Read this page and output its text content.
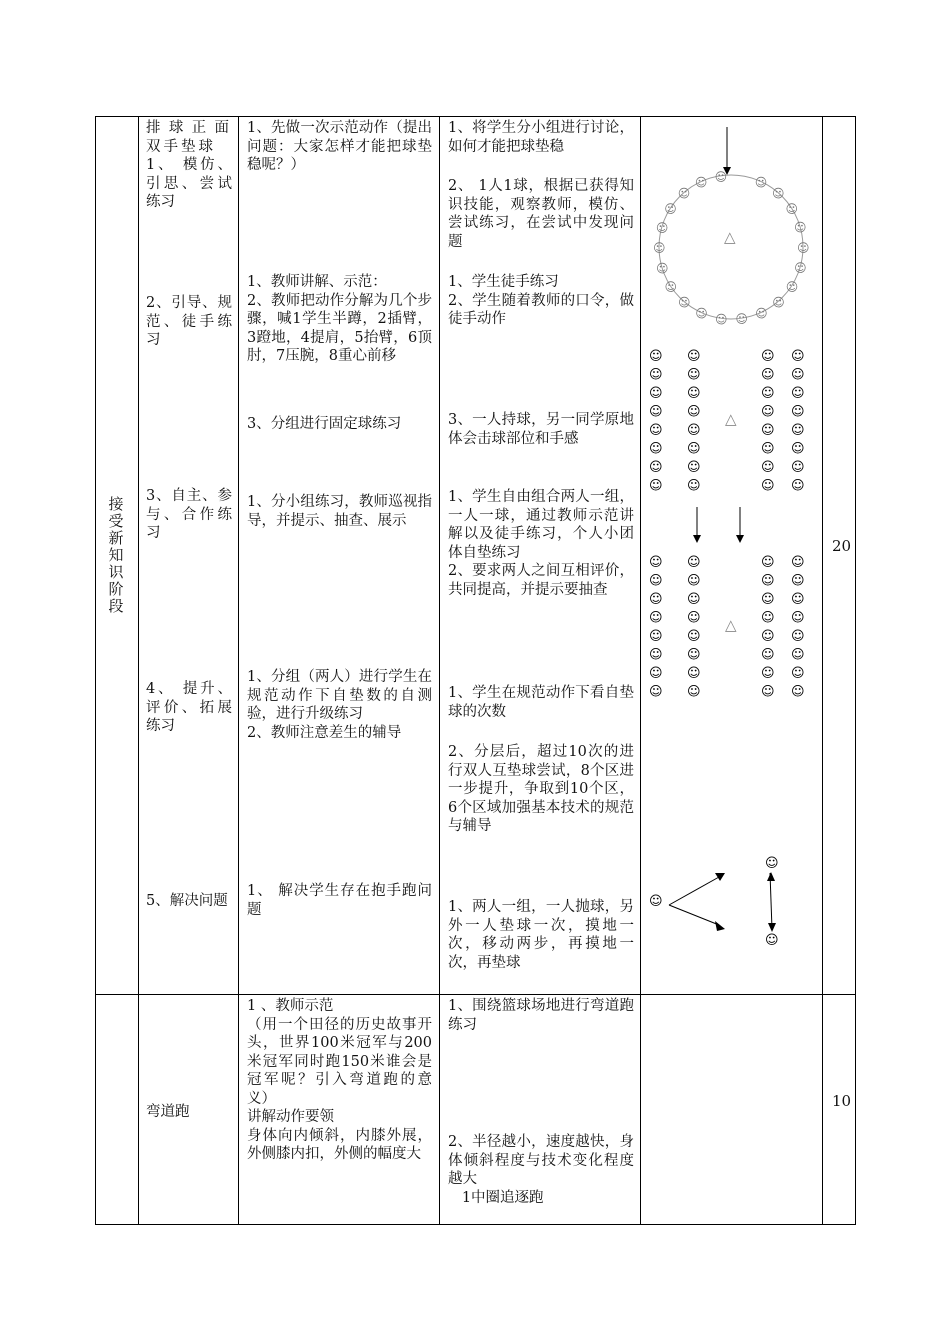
接受新知识阶段
20
排球正面双手垫球
1、 模仿、引思、尝试练习
2、引导、规范、徒手练习
3、自主、参与、合作练习
4、 提升、评价、拓展练习
5、解决问题
1、先做一次示范动作（提出问题：大家怎样才能把球垫稳呢？）
1、教师讲解、示范：
2、教师把动作分解为几个步骤，喊1学生半蹲，2插臂，3蹬地，4提肩，5抬臂，6顶肘，7压腕，8重心前移
3、分组进行固定球练习
1、分小组练习，教师巡视指导，并提示、抽查、展示
1、分组（两人）进行学生在规范动作下自垫数的自测验，进行升级练习
2、教师注意差生的辅导
1、 解决学生存在抱手跑问题
1、将学生分小组进行讨论，如何才能把球垫稳
2、 1人1球，根据已获得知识技能，观察教师，模仿、尝试练习，在尝试中发现问题
1、学生徒手练习
2、学生随着教师的口令，做徒手动作
3、一人持球，另一同学原地体会击球部位和手感
1、学生自由组合两人一组，一人一球，通过教师示范讲解以及徒手练习，个人小团体自垫练习
2、要求两人之间互相评价，共同提高，并提示要抽查
1、学生在规范动作下看自垫球的次数
2、分层后，超过10次的进行双人互垫球尝试，8个区进一步提升，争取到10个区，6个区域加强基本技术的规范与辅导
1、两人一组，一人抛球，另外一人垫球一次，摸地一次，移动两步，再摸地一次，再垫球
☺
☺
☺
☺
☺
☺
☺
☺
☺
☺
☺
☺
☺
☺
☺
☺
☺
☺
☺
☺ ☺
△
☺
☺
☺
☺
☺
☺
☺
☺
☺
☺
☺
☺
☺
☺
☺
☺
☺
☺
☺
☺
☺
☺
☺
☺
☺
☺
☺
☺
☺
☺
☺
☺
△
☺
☺
☺
☺
☺
☺
☺
☺
☺
☺
☺
☺
☺
☺
☺
☺
☺
☺
☺
☺
☺
☺
☺
☺
☺
☺
☺
☺
☺
☺
☺
☺
△
☺
☺
☺
弯道跑
1 、教师示范
（用一个田径的历史故事开头，世界100米冠军与200米冠军同时跑150米谁会是冠军呢？引入弯道跑的意义）
讲解动作要领
身体向内倾斜，内膝外展，外侧膝内扣，外侧的幅度大
1、围绕篮球场地进行弯道跑练习
2、半径越小，速度越快，身体倾斜程度与技术变化程度越大
1中圈追逐跑
10
